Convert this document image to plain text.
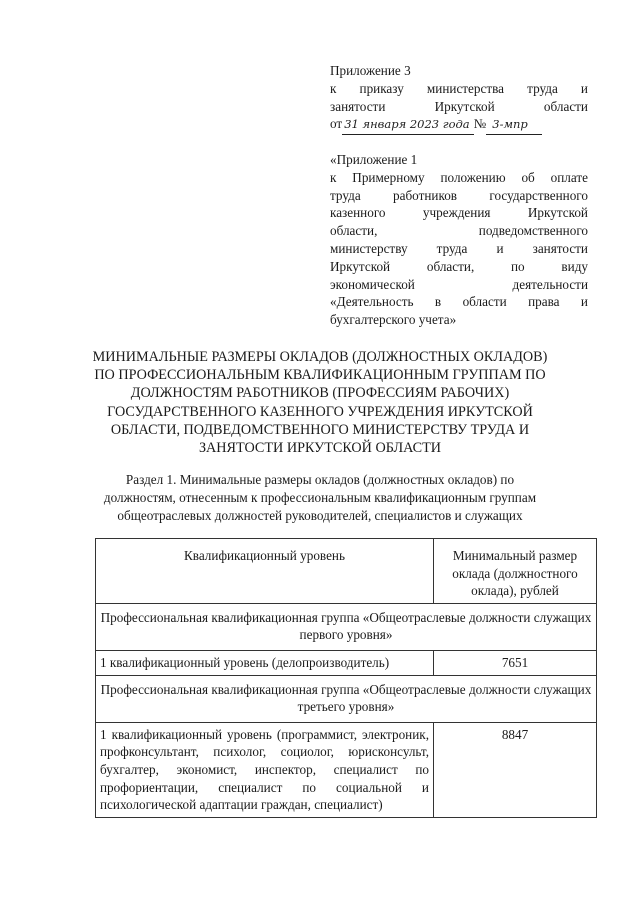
Приложение 3
к приказу министерства труда и
занятости Иркутской области
от 31 января 2023 года № 3-мпр
«Приложение 1
к Примерному положению об оплате
труда работников государственного
казенного учреждения Иркутской
области, подведомственного
министерству труда и занятости
Иркутской области, по виду
экономической деятельности
«Деятельность в области права и
бухгалтерского учета»
МИНИМАЛЬНЫЕ РАЗМЕРЫ ОКЛАДОВ (ДОЛЖНОСТНЫХ ОКЛАДОВ)
ПО ПРОФЕССИОНАЛЬНЫМ КВАЛИФИКАЦИОННЫМ ГРУППАМ ПО
ДОЛЖНОСТЯМ РАБОТНИКОВ (ПРОФЕССИЯМ РАБОЧИХ)
ГОСУДАРСТВЕННОГО КАЗЕННОГО УЧРЕЖДЕНИЯ ИРКУТСКОЙ
ОБЛАСТИ, ПОДВЕДОМСТВЕННОГО МИНИСТЕРСТВУ ТРУДА И
ЗАНЯТОСТИ ИРКУТСКОЙ ОБЛАСТИ
Раздел 1. Минимальные размеры окладов (должностных окладов) по
должностям, отнесенным к профессиональным квалификационным группам
общеотраслевых должностей руководителей, специалистов и служащих
Квалификационный уровень	Минимальный размер оклада (должностного оклада), рублей
Профессиональная квалификационная группа «Общеотраслевые должности служащих первого уровня»	
1 квалификационный уровень (делопроизводитель)	7651
Профессиональная квалификационная группа «Общеотраслевые должности служащих третьего уровня»	
1 квалификационный уровень (программист, электроник, профконсультант, психолог, социолог, юрисконсульт, бухгалтер, экономист, инспектор, специалист по профориентации, специалист по социальной и психологической адаптации граждан, специалист)	8847
